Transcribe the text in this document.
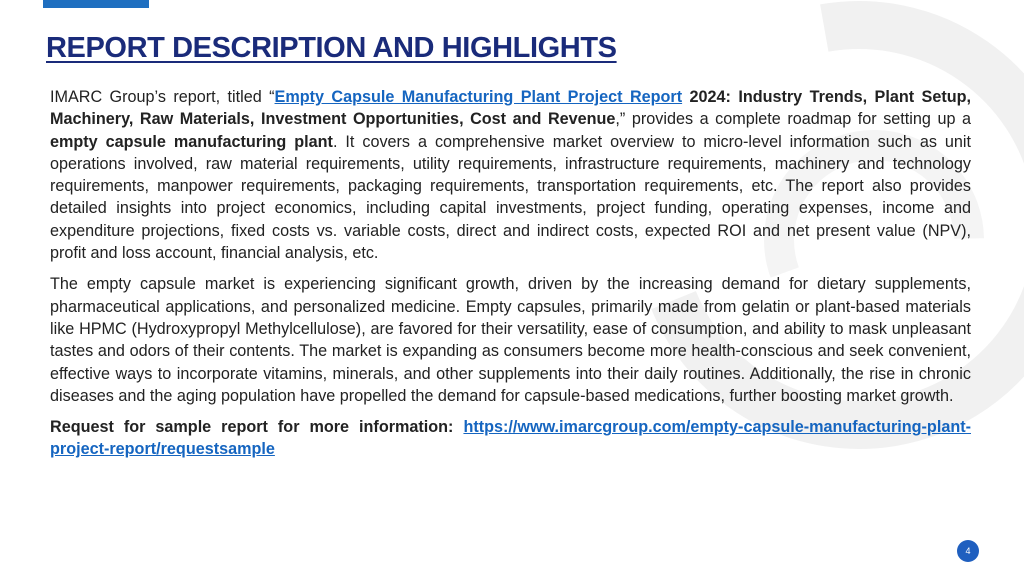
REPORT DESCRIPTION AND HIGHLIGHTS

IMARC Group’s report, titled “Empty Capsule Manufacturing Plant Project Report 2024: Industry Trends, Plant Setup, Machinery, Raw Materials, Investment Opportunities, Cost and Revenue,” provides a complete roadmap for setting up a empty capsule manufacturing plant. It covers a comprehensive market overview to micro-level information such as unit operations involved, raw material requirements, utility requirements, infrastructure requirements, machinery and technology requirements, manpower requirements, packaging requirements, transportation requirements, etc. The report also provides detailed insights into project economics, including capital investments, project funding, operating expenses, income and expenditure projections, fixed costs vs. variable costs, direct and indirect costs, expected ROI and net present value (NPV), profit and loss account, financial analysis, etc.

The empty capsule market is experiencing significant growth, driven by the increasing demand for dietary supplements, pharmaceutical applications, and personalized medicine. Empty capsules, primarily made from gelatin or plant-based materials like HPMC (Hydroxypropyl Methylcellulose), are favored for their versatility, ease of consumption, and ability to mask unpleasant tastes and odors of their contents. The market is expanding as consumers become more health-conscious and seek convenient, effective ways to incorporate vitamins, minerals, and other supplements into their daily routines. Additionally, the rise in chronic diseases and the aging population have propelled the demand for capsule-based medications, further boosting market growth.

Request for sample report for more information: https://www.imarcgroup.com/empty-capsule-manufacturing-plant-project-report/requestsample

4
